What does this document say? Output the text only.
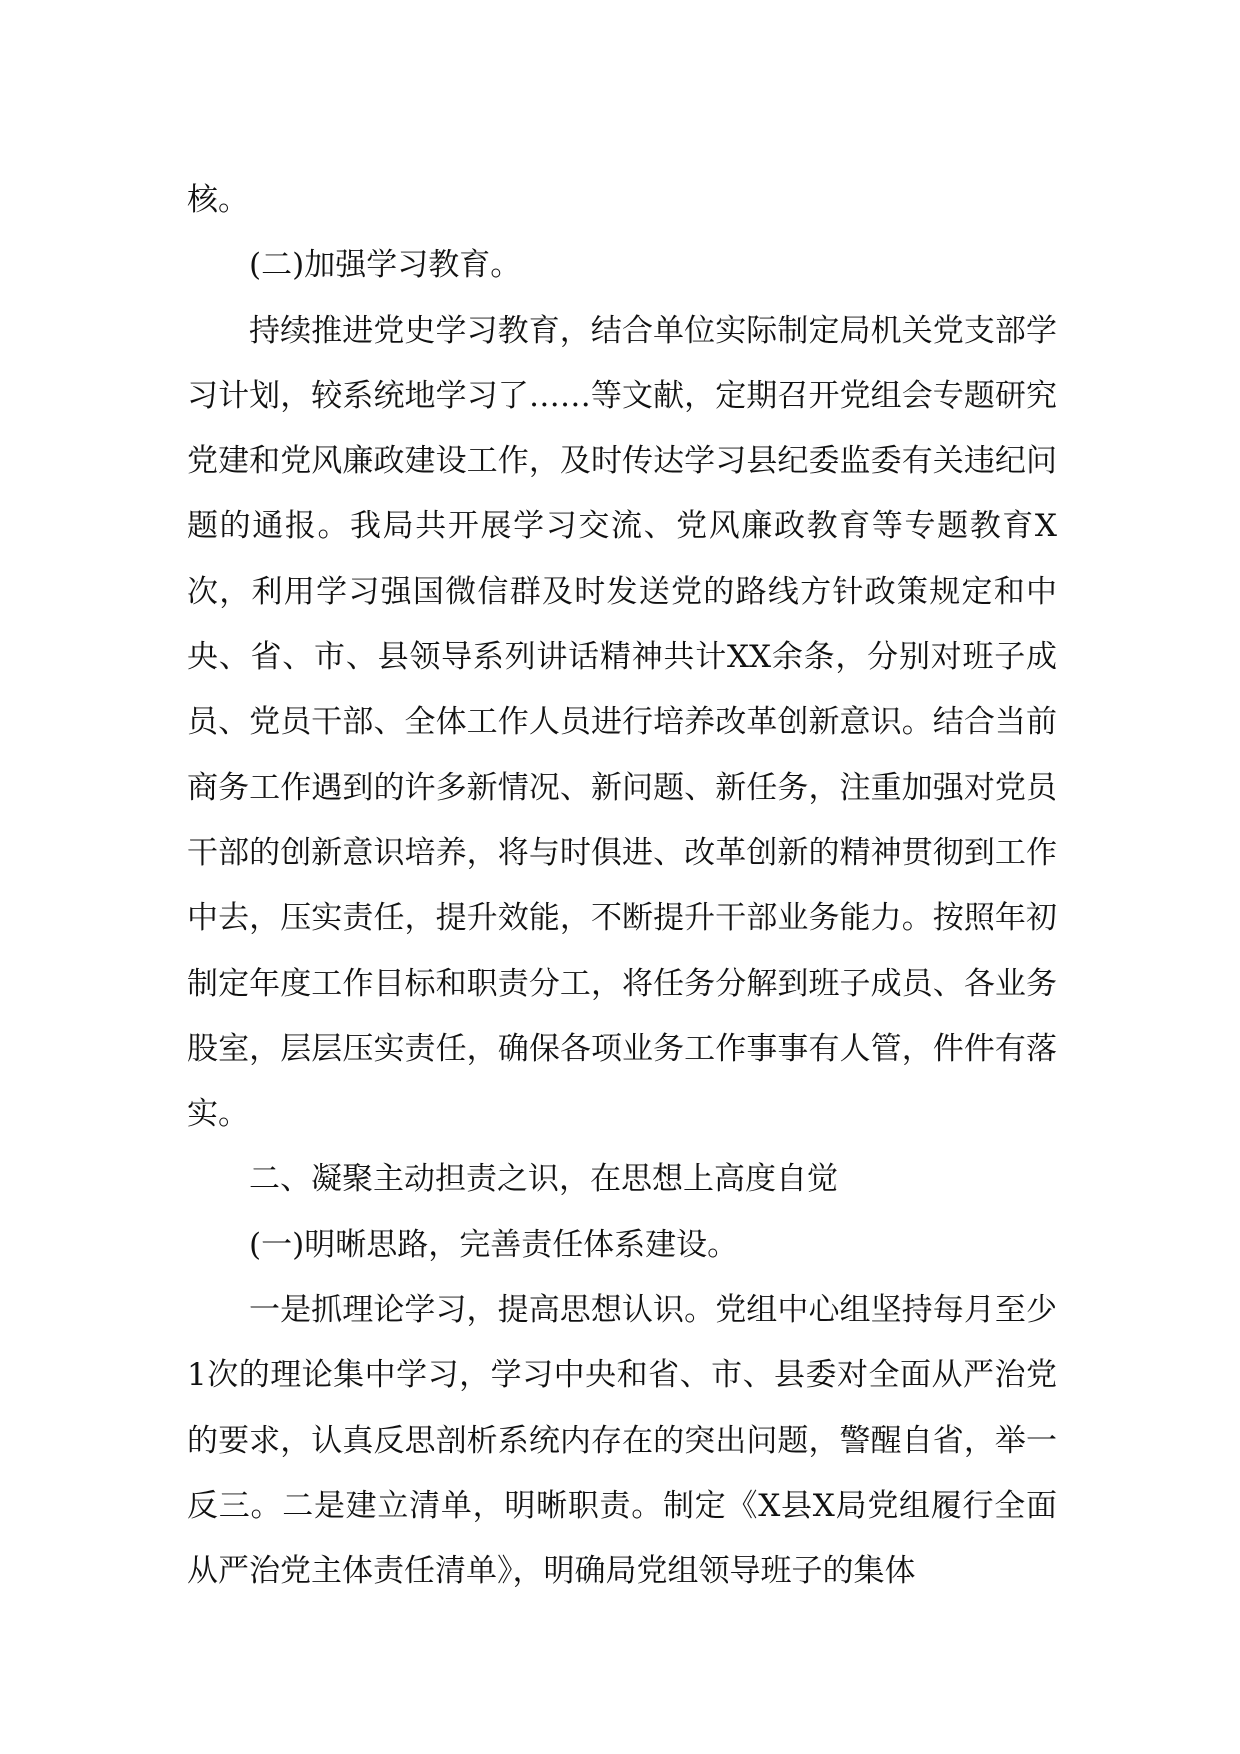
核。

(二)加强学习教育。

持续推进党史学习教育，结合单位实际制定局机关党支部学习计划，较系统地学习了……等文献，定期召开党组会专题研究党建和党风廉政建设工作，及时传达学习县纪委监委有关违纪问题的通报。我局共开展学习交流、党风廉政教育等专题教育X次，利用学习强国微信群及时发送党的路线方针政策规定和中央、省、市、县领导系列讲话精神共计XX余条，分别对班子成员、党员干部、全体工作人员进行培养改革创新意识。结合当前商务工作遇到的许多新情况、新问题、新任务，注重加强对党员干部的创新意识培养，将与时俱进、改革创新的精神贯彻到工作中去，压实责任，提升效能，不断提升干部业务能力。按照年初制定年度工作目标和职责分工，将任务分解到班子成员、各业务股室，层层压实责任，确保各项业务工作事事有人管，件件有落实。

二、凝聚主动担责之识，在思想上高度自觉

(一)明晰思路，完善责任体系建设。

一是抓理论学习，提高思想认识。党组中心组坚持每月至少1次的理论集中学习，学习中央和省、市、县委对全面从严治党的要求，认真反思剖析系统内存在的突出问题，警醒自省，举一反三。二是建立清单，明晰职责。制定《X县X局党组履行全面从严治党主体责任清单》，明确局党组领导班子的集体
